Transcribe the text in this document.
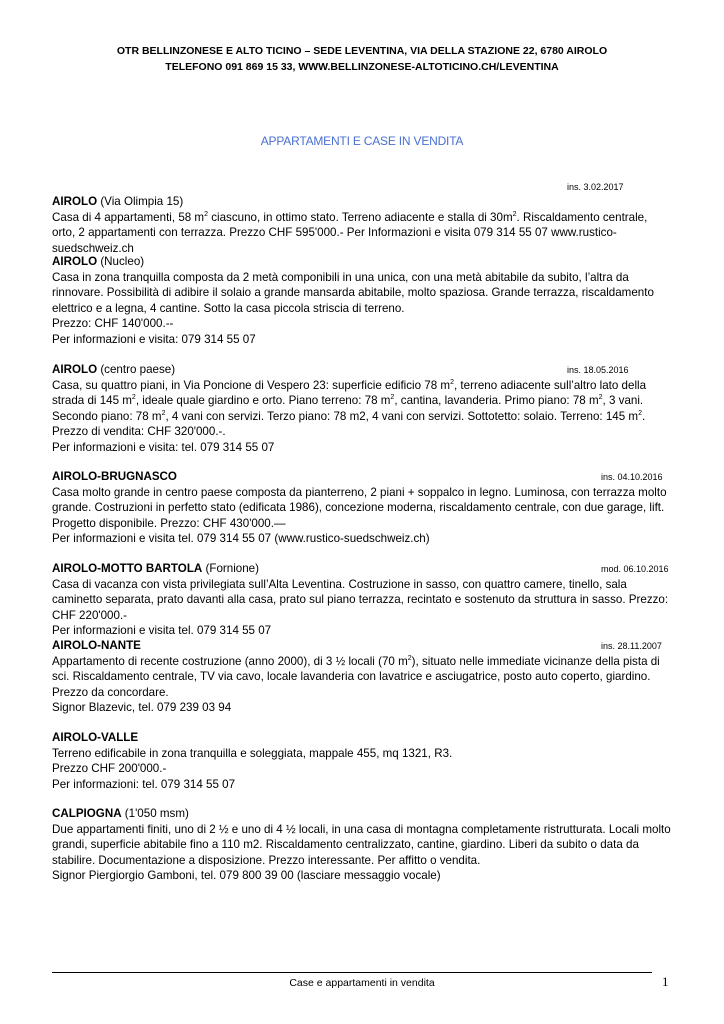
OTR BELLINZONESE E ALTO TICINO – SEDE LEVENTINA, VIA DELLA STAZIONE 22, 6780 AIROLO
TELEFONO 091 869 15 33, WWW.BELLINZONESE-ALTOTICINO.CH/LEVENTINA
APPARTAMENTI E CASE IN VENDITA
ins. 3.02.2017

AIROLO (Via Olimpia 15)

Casa di 4 appartamenti, 58 $m^2$ ciascuno, in ottimo stato. Terreno adiacente e stalla di $30m^2$. Riscaldamento centrale, orto, 2 appartamenti con terrazza. Prezzo CHF 595'000.- Per Informazioni e visita 079 314 55 07 www.rustico-suedschweiz.ch

AIROLO (Nucleo)

Casa in zona tranquilla composta da 2 metà componibili in una unica, con una metà abitabile da subito, l’altra da rinnovare. Possibilità di adibire il solaio a grande mansarda abitabile, molto spaziosa. Grande terrazza, riscaldamento elettrico e a legna, 4 cantine. Sotto la casa piccola striscia di terreno.

Prezzo: CHF 140'000.--

Per informazioni e visita: 079 314 55 07

ins. 18.05.2016

AIROLO (centro paese)

Casa, su quattro piani, in Via Poncione di Vespero 23: superficie edificio 78 $m^2$, terreno adiacente sull’altro lato della strada di 145 $m^2$, ideale quale giardino e orto. Piano terreno: 78 $m^2$, cantina, lavanderia. Primo piano: 78 $m^2$, 3 vani. Secondo piano: 78 $m^2$, 4 vani con servizi. Terzo piano: 78 m2, 4 vani con servizi. Sottotetto: solaio. Terreno: 145 $m^2$.

Prezzo di vendita: CHF 320'000.-.

Per informazioni e visita: tel. 079 314 55 07

ins. 04.10.2016

AIROLO-BRUGNASCO

Casa molto grande in centro paese composta da pianterreno, 2 piani + soppalco in legno. Luminosa, con terrazza molto grande. Costruzioni in perfetto stato (edificata 1986), concezione moderna, riscaldamento centrale, con due garage, lift. Progetto disponibile. Prezzo: CHF 430'000.—

Per informazioni e visita tel. 079 314 55 07 (www.rustico-suedschweiz.ch)

mod. 06.10.2016

AIROLO-MOTTO BARTOLA (Fornione)

Casa di vacanza con vista privilegiata sull’Alta Leventina. Costruzione in sasso, con quattro camere, tinello, sala caminetto separata, prato davanti alla casa, prato sul piano terrazza, recintato e sostenuto da struttura in sasso. Prezzo: CHF 220'000.-

Per informazioni e visita tel. 079 314 55 07

ins. 28.11.2007

AIROLO-NANTE

Appartamento di recente costruzione (anno 2000), di 3 ½ locali (70 $m^2$), situato nelle immediate vicinanze della pista di sci. Riscaldamento centrale, TV via cavo, locale lavanderia con lavatrice e asciugatrice, posto auto coperto, giardino. Prezzo da concordare.

Signor Blazevic, tel. 079 239 03 94

AIROLO-VALLE

Terreno edificabile in zona tranquilla e soleggiata, mappale 455, mq 1321, R3.

Prezzo CHF 200'000.-

Per informazioni: tel. 079 314 55 07

CALPIOGNA (1'050 msm)

Due appartamenti finiti, uno di 2 ½ e uno di 4 ½ locali, in una casa di montagna completamente ristrutturata. Locali molto grandi, superficie abitabile fino a 110 m2. Riscaldamento centralizzato, cantine, giardino. Liberi da subito o data da stabilire. Documentazione a disposizione. Prezzo interessante. Per affitto o vendita.

Signor Piergiorgio Gamboni, tel. 079 800 39 00 (lasciare messaggio vocale)

Case e appartamenti in vendita	1
